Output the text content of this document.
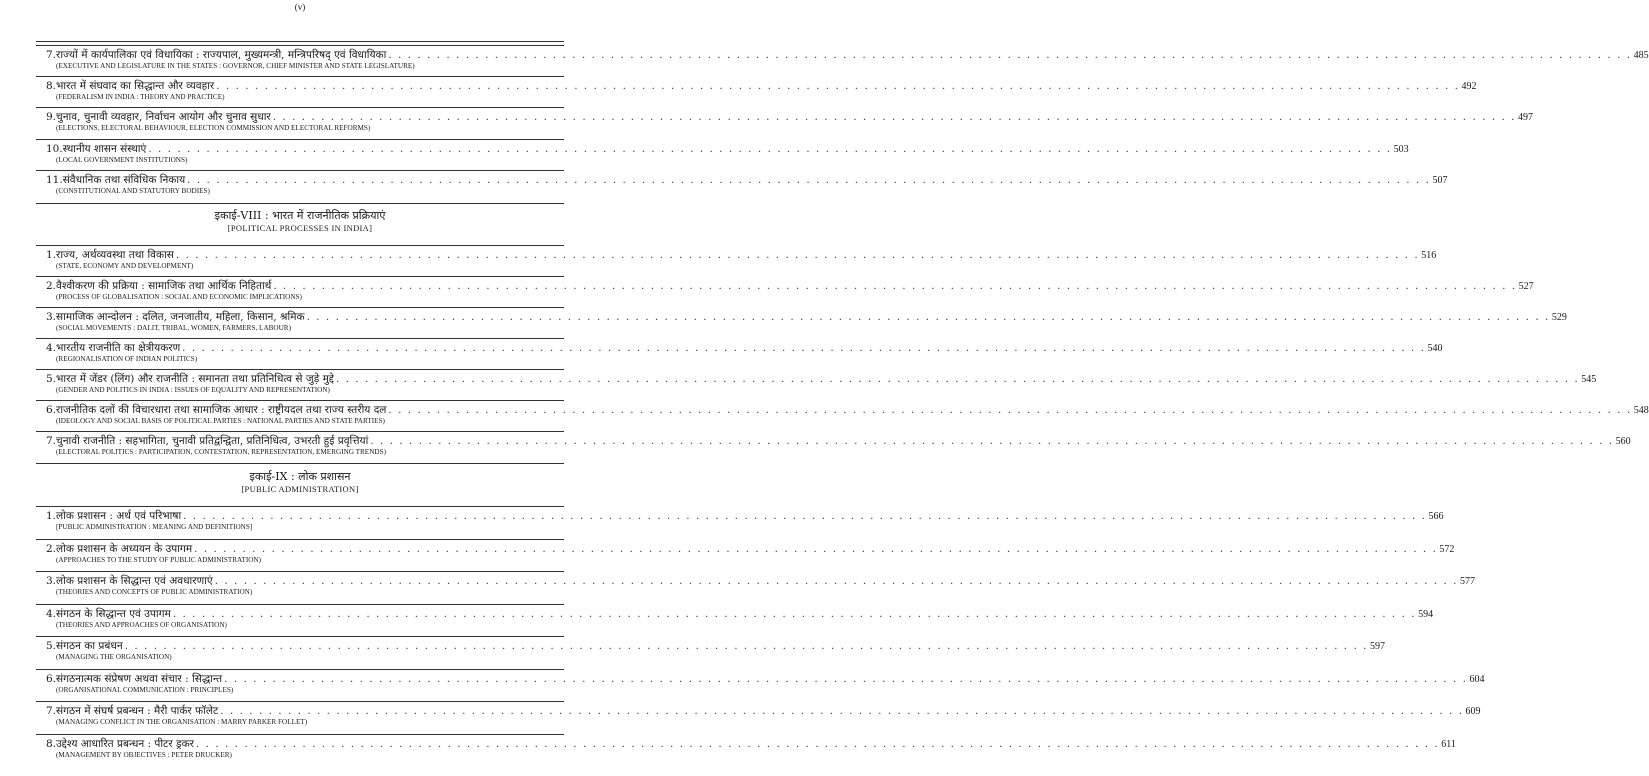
(v)
7. राज्यों में कार्यपालिका एवं विधायिका : राज्यपाल, मुख्यमन्त्री, मन्त्रिपरिषद् एवं विधायिका . . .	485
(EXECUTIVE AND LEGISLATURE IN THE STATES : GOVERNOR, CHIEF MINISTER AND STATE LEGISLATURE)
8. भारत में संघवाद का सिद्धान्त और व्यवहार . . .	492
(FEDERALISM IN INDIA : THEORY AND PRACTICE)
9. चुनाव, चुनावी व्यवहार, निर्वाचन आयोग और चुनाव सुधार . . .	497
(ELECTIONS, ELECTORAL BEHAVIOUR, ELECTION COMMISSION AND ELECTORAL REFORMS)
10. स्थानीय शासन संस्थाएं . . .	503
(LOCAL GOVERNMENT INSTITUTIONS)
11. संवैधानिक तथा संविधिक निकाय . . .	507
(CONSTITUTIONAL AND STATUTORY BODIES)
इकाई-VIII : भारत में राजनीतिक प्रक्रियाएं
[POLITICAL PROCESSES IN INDIA]
1. राज्य, अर्थव्यवस्था तथा विकास . . .	516
(STATE, ECONOMY AND DEVELOPMENT)
2. वैश्वीकरण की प्रक्रिया : सामाजिक तथा आर्थिक निहितार्थ . . .	527
(PROCESS OF GLOBALISATION : SOCIAL AND ECONOMIC IMPLICATIONS)
3. सामाजिक आन्दोलन : दलित, जनजातीय, महिला, किसान, श्रमिक . . .	529
(SOCIAL MOVEMENTS : DALIT, TRIBAL, WOMEN, FARMERS, LABOUR)
4. भारतीय राजनीति का क्षेत्रीयकरण . . .	540
(REGIONALISATION OF INDIAN POLITICS)
5. भारत में जेंडर (लिंग) और राजनीति : समानता तथा प्रतिनिधित्व से जुड़े मुद्दे . . .	545
(GENDER AND POLITICS IN INDIA : ISSUES OF EQUALITY AND REPRESENTATION)
6. राजनीतिक दलों की विचारधारा तथा सामाजिक आधार : राष्ट्रीयदल तथा राज्य स्तरीय दल . . .	548
(IDEOLOGY AND SOCIAL BASIS OF POLITICAL PARTIES : NATIONAL PARTIES AND STATE PARTIES)
7. चुनावी राजनीति : सहभागिता, चुनावी प्रतिद्वन्द्विता, प्रतिनिधित्व, उभरती हुई प्रवृत्तियां . . .	560
(ELECTORAL POLITICS : PARTICIPATION, CONTESTATION, REPRESENTATION, EMERGING TRENDS)
इकाई-IX : लोक प्रशासन
[PUBLIC ADMINISTRATION]
1. लोक प्रशासन : अर्थ एवं परिभाषा . . .	566
[PUBLIC ADMINISTRATION : MEANING AND DEFINITIONS]
2. लोक प्रशासन के अध्ययन के उपागम . . .	572
(APPROACHES TO THE STUDY OF PUBLIC ADMINISTRATION)
3. लोक प्रशासन के सिद्धान्त एवं अवधारणाएं . . .	577
(THEORIES AND CONCEPTS OF PUBLIC ADMINISTRATION)
4. संगठन के सिद्धान्त एवं उपागम . . .	594
(THEORIES AND APPROACHES OF ORGANISATION)
5. संगठन का प्रबंधन . . .	597
(MANAGING THE ORGANISATION)
6. संगठनात्मक संप्रेषण अथवा संचार : सिद्धान्त . . .	604
(ORGANISATIONAL COMMUNICATION : PRINCIPLES)
7. संगठन में संघर्ष प्रबन्धन : मैरी पार्कर फॉलेट . . .	609
(MANAGING CONFLICT IN THE ORGANISATION : MARRY PARKER FOLLET)
8. उद्देश्य आधारित प्रबन्धन : पीटर ड्रकर . . .	611
(MANAGEMENT BY OBJECTIVES : PETER DRUCKER)
